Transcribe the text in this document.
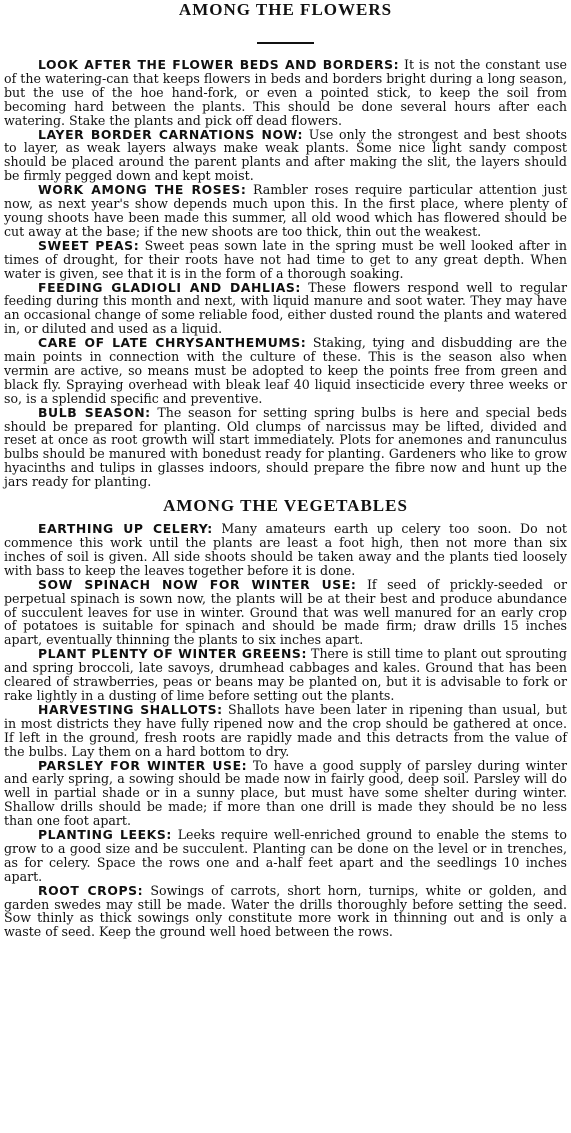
AMONG THE FLOWERS

LOOK AFTER THE FLOWER BEDS AND BORDERS: It is not the constant use of the watering-can that keeps flowers in beds and borders bright during a long season, but the use of the hoe hand-fork, or even a pointed stick, to keep the soil from becoming hard between the plants. This should be done several hours after each watering. Stake the plants and pick off dead flowers.

LAYER BORDER CARNATIONS NOW: Use only the strongest and best shoots to layer, as weak layers always make weak plants. Some nice light sandy compost should be placed around the parent plants and after making the slit, the layers should be firmly pegged down and kept moist.

WORK AMONG THE ROSES: Rambler roses require particular attention just now, as next year's show depends much upon this. In the first place, where plenty of young shoots have been made this summer, all old wood which has flowered should be cut away at the base; if the new shoots are too thick, thin out the weakest.

SWEET PEAS: Sweet peas sown late in the spring must be well looked after in times of drought, for their roots have not had time to get to any great depth. When water is given, see that it is in the form of a thorough soaking.

FEEDING GLADIOLI AND DAHLIAS: These flowers respond well to regular feeding during this month and next, with liquid manure and soot water. They may have an occasional change of some reliable food, either dusted round the plants and watered in, or diluted and used as a liquid.

CARE OF LATE CHRYSANTHEMUMS: Staking, tying and disbudding are the main points in connection with the culture of these. This is the season also when vermin are active, so means must be adopted to keep the points free from green and black fly. Spraying overhead with bleak leaf 40 liquid insecticide every three weeks or so, is a splendid specific and preventive.

BULB SEASON: The season for setting spring bulbs is here and special beds should be prepared for planting. Old clumps of narcissus may be lifted, divided and reset at once as root growth will start immediately. Plots for anemones and ranunculus bulbs should be manured with bonedust ready for planting. Gardeners who like to grow hyacinths and tulips in glasses indoors, should prepare the fibre now and hunt up the jars ready for planting.

AMONG THE VEGETABLES

EARTHING UP CELERY: Many amateurs earth up celery too soon. Do not commence this work until the plants are least a foot high, then not more than six inches of soil is given. All side shoots should be taken away and the plants tied loosely with bass to keep the leaves together before it is done.

SOW SPINACH NOW FOR WINTER USE: If seed of prickly-seeded or perpetual spinach is sown now, the plants will be at their best and produce abundance of succulent leaves for use in winter. Ground that was well manured for an early crop of potatoes is suitable for spinach and should be made firm; draw drills 15 inches apart, eventually thinning the plants to six inches apart.

PLANT PLENTY OF WINTER GREENS: There is still time to plant out sprouting and spring broccoli, late savoys, drumhead cabbages and kales. Ground that has been cleared of strawberries, peas or beans may be planted on, but it is advisable to fork or rake lightly in a dusting of lime before setting out the plants.

HARVESTING SHALLOTS: Shallots have been later in ripening than usual, but in most districts they have fully ripened now and the crop should be gathered at once. If left in the ground, fresh roots are rapidly made and this detracts from the value of the bulbs. Lay them on a hard bottom to dry.

PARSLEY FOR WINTER USE: To have a good supply of parsley during winter and early spring, a sowing should be made now in fairly good, deep soil. Parsley will do well in partial shade or in a sunny place, but must have some shelter during winter. Shallow drills should be made; if more than one drill is made they should be no less than one foot apart.

PLANTING LEEKS: Leeks require well-enriched ground to enable the stems to grow to a good size and be succulent. Planting can be done on the level or in trenches, as for celery. Space the rows one and a-half feet apart and the seedlings 10 inches apart.

ROOT CROPS: Sowings of carrots, short horn, turnips, white or golden, and garden swedes may still be made. Water the drills thoroughly before setting the seed. Sow thinly as thick sowings only constitute more work in thinning out and is only a waste of seed. Keep the ground well hoed between the rows.
